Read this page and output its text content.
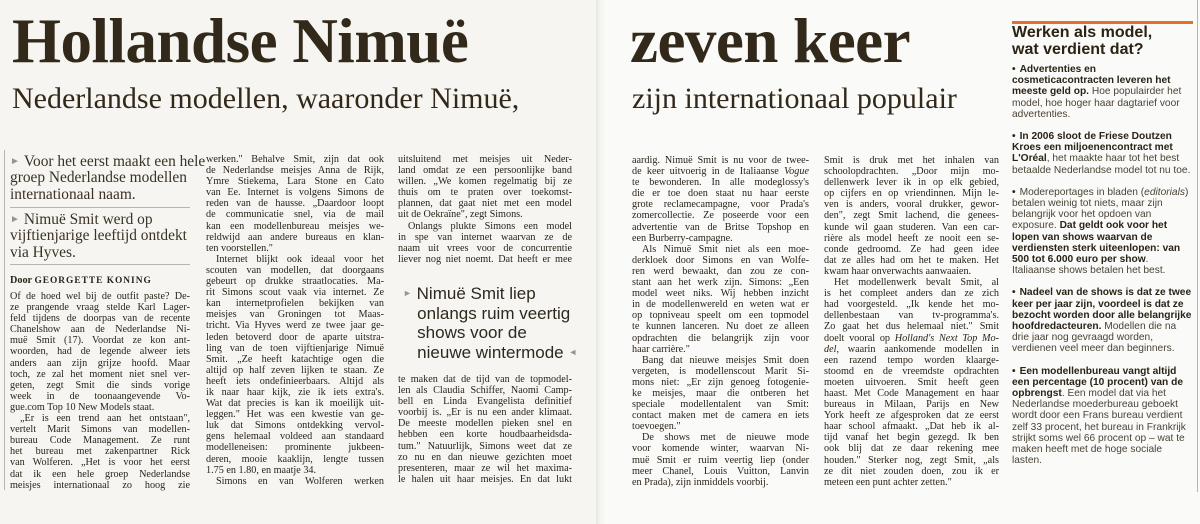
Hollandse Nimuë
Nederlandse modellen, waaronder Nimuë,
zeven keer
zijn internationaal populair
► Voor het eerst maakt een hele
groep Nederlandse modellen
internationaal naam.
► Nimuë Smit werd op
vijftienjarige leeftijd ontdekt
via Hyves.
Door GEORGETTE KONING
Of de hoed wel bij de outfit paste? De-
ze prangende vraag stelde Karl Lager-
feld tijdens de doorpas van de recente
Chanelshow aan de Nederlandse Ni-
muë Smit (17). Voordat ze kon ant-
woorden, had de legende alweer iets
anders aan zijn grijze hoofd. Maar
toch, ze zal het moment niet snel ver-
geten, zegt Smit die sinds vorige
week in de toonaangevende Vo-
gue.com Top 10 New Models staat.
„Er is een trend aan het ontstaan",
vertelt Marit Simons van modellen-
bureau Code Management. Ze runt
het bureau met zakenpartner Rick
van Wolferen. „Het is voor het eerst
dat ik een hele groep Nederlandse
meisjes internationaal zo hoog zie
werken." Behalve Smit, zijn dat ook
de Nederlandse meisjes Anna de Rijk,
Ymre Stiekema, Lara Stone en Cato
van Ee. Internet is volgens Simons de
reden van de hausse. „Daardoor loopt
de communicatie snel, via de mail
kan een modellenbureau meisjes we-
reldwijd aan andere bureaus en klan-
ten voorstellen."
Internet blijkt ook ideaal voor het
scouten van modellen, dat doorgaans
gebeurt op drukke straatlocaties. Ma-
rit Simons scout vaak via internet. Ze
kan internetprofielen bekijken van
meisjes van Groningen tot Maas-
tricht. Via Hyves werd ze twee jaar ge-
leden betoverd door de aparte uitstra-
ling van de toen vijftienjarige Nimuë
Smit. „Ze heeft katachtige ogen die
altijd op half zeven lijken te staan. Ze
heeft iets ondefinieerbaars. Altijd als
ik naar haar kijk, zie ik iets extra's.
Wat dat precies is kan ik moeilijk uit-
leggen." Het was een kwestie van ge-
luk dat Simons ontdekking vervol-
gens helemaal voldeed aan standaard
modelleneisen: prominente jukbeen-
deren, mooie kaaklijn, lengte tussen
1.75 en 1.80, en maatje 34.
Simons en van Wolferen werken
uitsluitend met meisjes uit Neder-
land omdat ze een persoonlijke band
willen. „We komen regelmatig bij ze
thuis om te praten over toekomst-
plannen, dat gaat niet met een model
uit de Oekraïne", zegt Simons.
Onlangs plukte Simons een model
in spe van internet waarvan ze de
naam uit vrees voor de concurrentie
liever nog niet noemt. Dat heeft er mee
► Nimuë Smit liep
onlangs ruim veertig
shows voor de
nieuwe wintermode ◄
te maken dat de tijd van de topmodel-
len als Claudia Schiffer, Naomi Camp-
bell en Linda Evangelista definitief
voorbij is. „Er is nu een ander klimaat.
De meeste modellen pieken snel en
hebben een korte houdbaarheidsda-
tum." Natuurlijk, Simons weet dat ze
zo nu en dan nieuwe gezichten moet
presenteren, maar ze wil het maxima-
le halen uit haar meisjes. En dat lukt
aardig. Nimuë Smit is nu voor de twee-
de keer uitvoerig in de Italiaanse Vogue
te bewonderen. In alle modeglossy's
die er toe doen staat nu haar eerste
grote reclamecampagne, voor Prada's
zomercollectie. Ze poseerde voor een
advertentie van de Britse Topshop en
een Burberry-campagne.
Als Nimuë Smit niet als een moe-
derkloek door Simons en van Wolfe-
ren werd bewaakt, dan zou ze con-
stant aan het werk zijn. Simons: „Een
model weet niks. Wij hebben inzicht
in de modellenwereld en weten wat er
op topniveau speelt om een topmodel
te kunnen lanceren. Nu doet ze alleen
opdrachten die belangrijk zijn voor
haar carrière."
Bang dat nieuwe meisjes Smit doen
vergeten, is modellenscout Marit Si-
mons niet: „Er zijn genoeg fotogenie-
ke meisjes, maar die ontberen het
speciale modellentalent van Smit:
contact maken met de camera en iets
toevoegen."
De shows met de nieuwe mode
voor komende winter, waarvan Ni-
muë Smit er ruim veertig liep (onder
meer Chanel, Louis Vuitton, Lanvin
en Prada), zijn inmiddels voorbij.
Smit is druk met het inhalen van
schoolopdrachten. „Door mijn mo-
dellenwerk lever ik in op elk gebied,
op cijfers en op vriendinnen. Mijn le-
ven is anders, vooral drukker, gewor-
den", zegt Smit lachend, die genees-
kunde wil gaan studeren. Van een car-
rière als model heeft ze nooit een se-
conde gedroomd. Ze had geen idee
dat ze alles had om het te maken. Het
kwam haar onverwachts aanwaaien.
Het modellenwerk bevalt Smit, al
is het compleet anders dan ze zich
had voorgesteld. „Ik kende het mo-
dellenbestaan van tv-programma's.
Zo gaat het dus helemaal niet." Smit
doelt vooral op Holland's Next Top Mo-
del, waarin aankomende modellen in
een razend tempo worden klaarge-
stoomd en de vreemdste opdrachten
moeten uitvoeren. Smit heeft geen
haast. Met Code Management en haar
bureaus in Milaan, Parijs en New
York heeft ze afgesproken dat ze eerst
haar school afmaakt. „Dat heb ik al-
tijd vanaf het begin gezegd. Ik ben
ook blij dat ze daar rekening mee
houden." Sterker nog, zegt Smit, „als
ze dit niet zouden doen, zou ik er
meteen een punt achter zetten."
Werken als model,
wat verdient dat?
• Advertenties en cosmeticacontracten leveren het meeste geld op. Hoe populairder het model, hoe hoger haar dagtarief voor advertenties.
• In 2006 sloot de Friese Doutzen Kroes een miljoenencontract met L'Oréal, het maakte haar tot het best betaalde Nederlandse model tot nu toe.
• Modereportages in bladen (editorials) betalen weinig tot niets, maar zijn belangrijk voor het opdoen van exposure. Dat geldt ook voor het lopen van shows waarvan de verdiensten sterk uiteenlopen: van 500 tot 6.000 euro per show. Italiaanse shows betalen het best.
• Nadeel van de shows is dat ze twee keer per jaar zijn, voordeel is dat ze bezocht worden door alle belangrijke hoofdredacteuren. Modellen die na drie jaar nog gevraagd worden, verdienen veel meer dan beginners.
• Een modellenbureau vangt altijd een percentage (10 procent) van de opbrengst. Een model dat via het Nederlandse moederbureau geboekt wordt door een Frans bureau verdient zelf 33 procent, het bureau in Frankrijk strijkt soms wel 66 procent op – wat te maken heeft met de hoge sociale lasten.
